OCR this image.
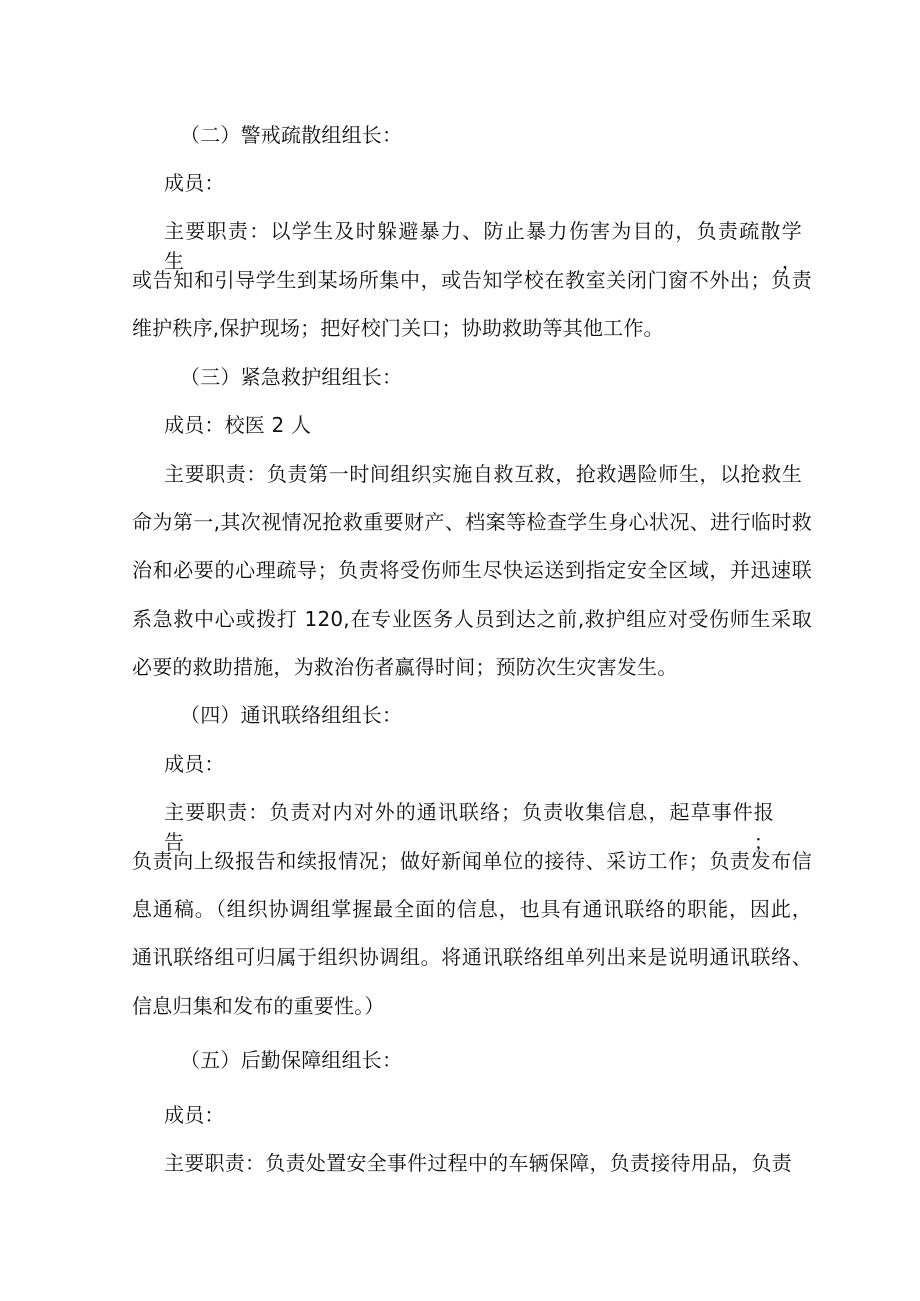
（二）警戒疏散组组长：
成员：
主要职责：以学生及时躲避暴力、防止暴力伤害为目的，负责疏散学生，
或告知和引导学生到某场所集中，或告知学校在教室关闭门窗不外出；负责
维护秩序,保护现场；把好校门关口；协助救助等其他工作。
（三）紧急救护组组长：
成员：校医 2 人
主要职责：负责第一时间组织实施自救互救，抢救遇险师生，以抢救生
命为第一,其次视情况抢救重要财产、档案等检查学生身心状况、进行临时救
治和必要的心理疏导；负责将受伤师生尽快运送到指定安全区域，并迅速联
系急救中心或拨打 120,在专业医务人员到达之前,救护组应对受伤师生采取
必要的救助措施，为救治伤者赢得时间；预防次生灾害发生。
（四）通讯联络组组长：
成员：
主要职责：负责对内对外的通讯联络；负责收集信息，起草事件报告；
负责向上级报告和续报情况；做好新闻单位的接待、采访工作；负责发布信
息通稿。（组织协调组掌握最全面的信息，也具有通讯联络的职能，因此，
通讯联络组可归属于组织协调组。将通讯联络组单列出来是说明通讯联络、
信息归集和发布的重要性。）
（五）后勤保障组组长：
成员：
主要职责：负责处置安全事件过程中的车辆保障，负责接待用品，负责
